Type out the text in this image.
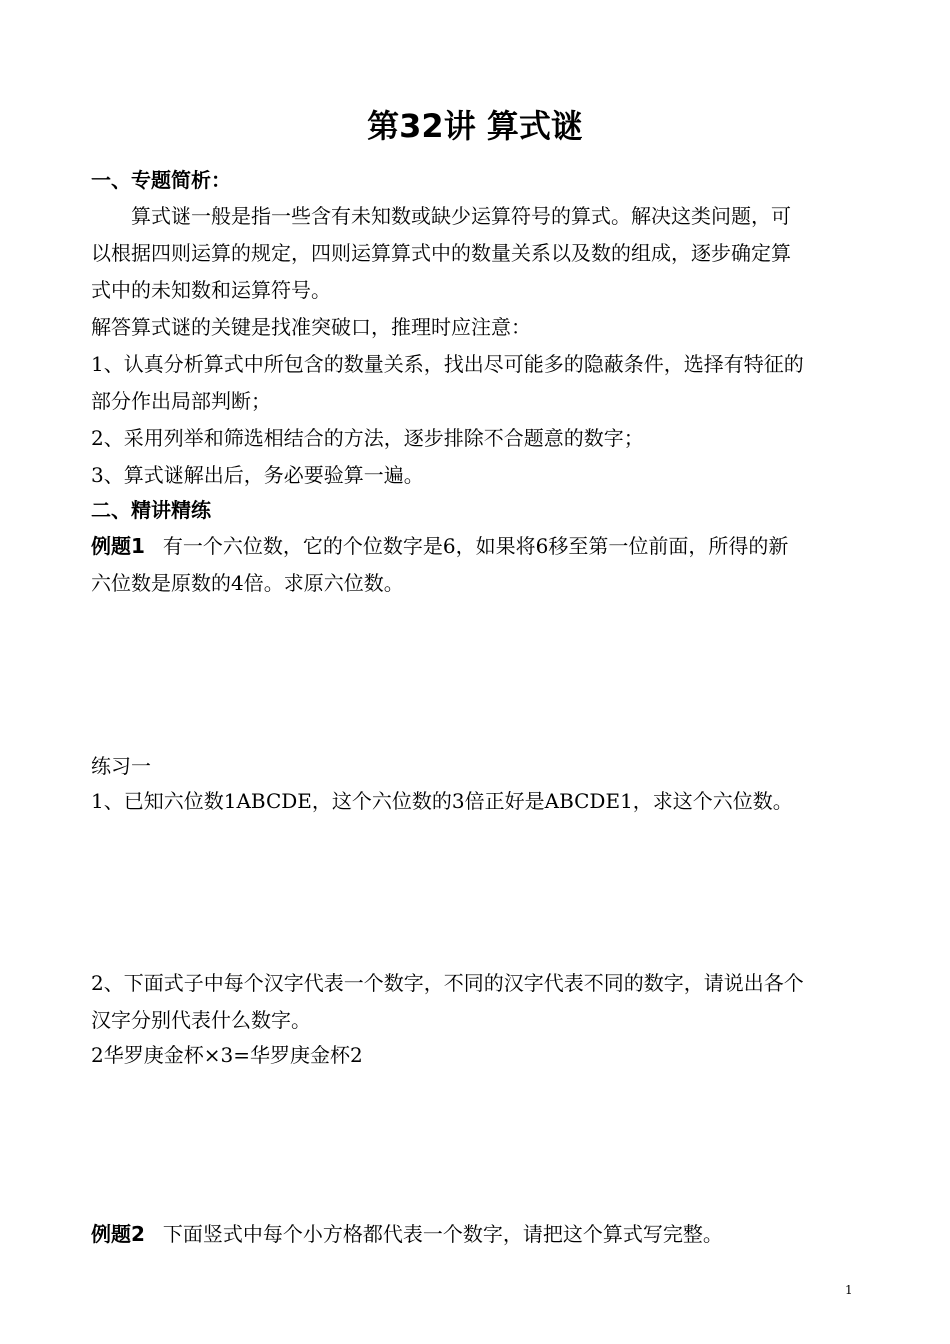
第32讲 算式谜
一、专题简析：
算式谜一般是指一些含有未知数或缺少运算符号的算式。解决这类问题，可
以根据四则运算的规定，四则运算算式中的数量关系以及数的组成，逐步确定算
式中的未知数和运算符号。
解答算式谜的关键是找准突破口，推理时应注意：
1、认真分析算式中所包含的数量关系，找出尽可能多的隐蔽条件，选择有特征的
部分作出局部判断；
2、采用列举和筛选相结合的方法，逐步排除不合题意的数字；
3、算式谜解出后，务必要验算一遍。
二、精讲精练
例题1 有一个六位数，它的个位数字是6，如果将6移至第一位前面，所得的新
六位数是原数的4倍。求原六位数。
练习一
1、已知六位数1ABCDE，这个六位数的3倍正好是ABCDE1，求这个六位数。
2、下面式子中每个汉字代表一个数字，不同的汉字代表不同的数字，请说出各个
汉字分别代表什么数字。
2华罗庚金杯×3=华罗庚金杯2
例题2 下面竖式中每个小方格都代表一个数字，请把这个算式写完整。
1
